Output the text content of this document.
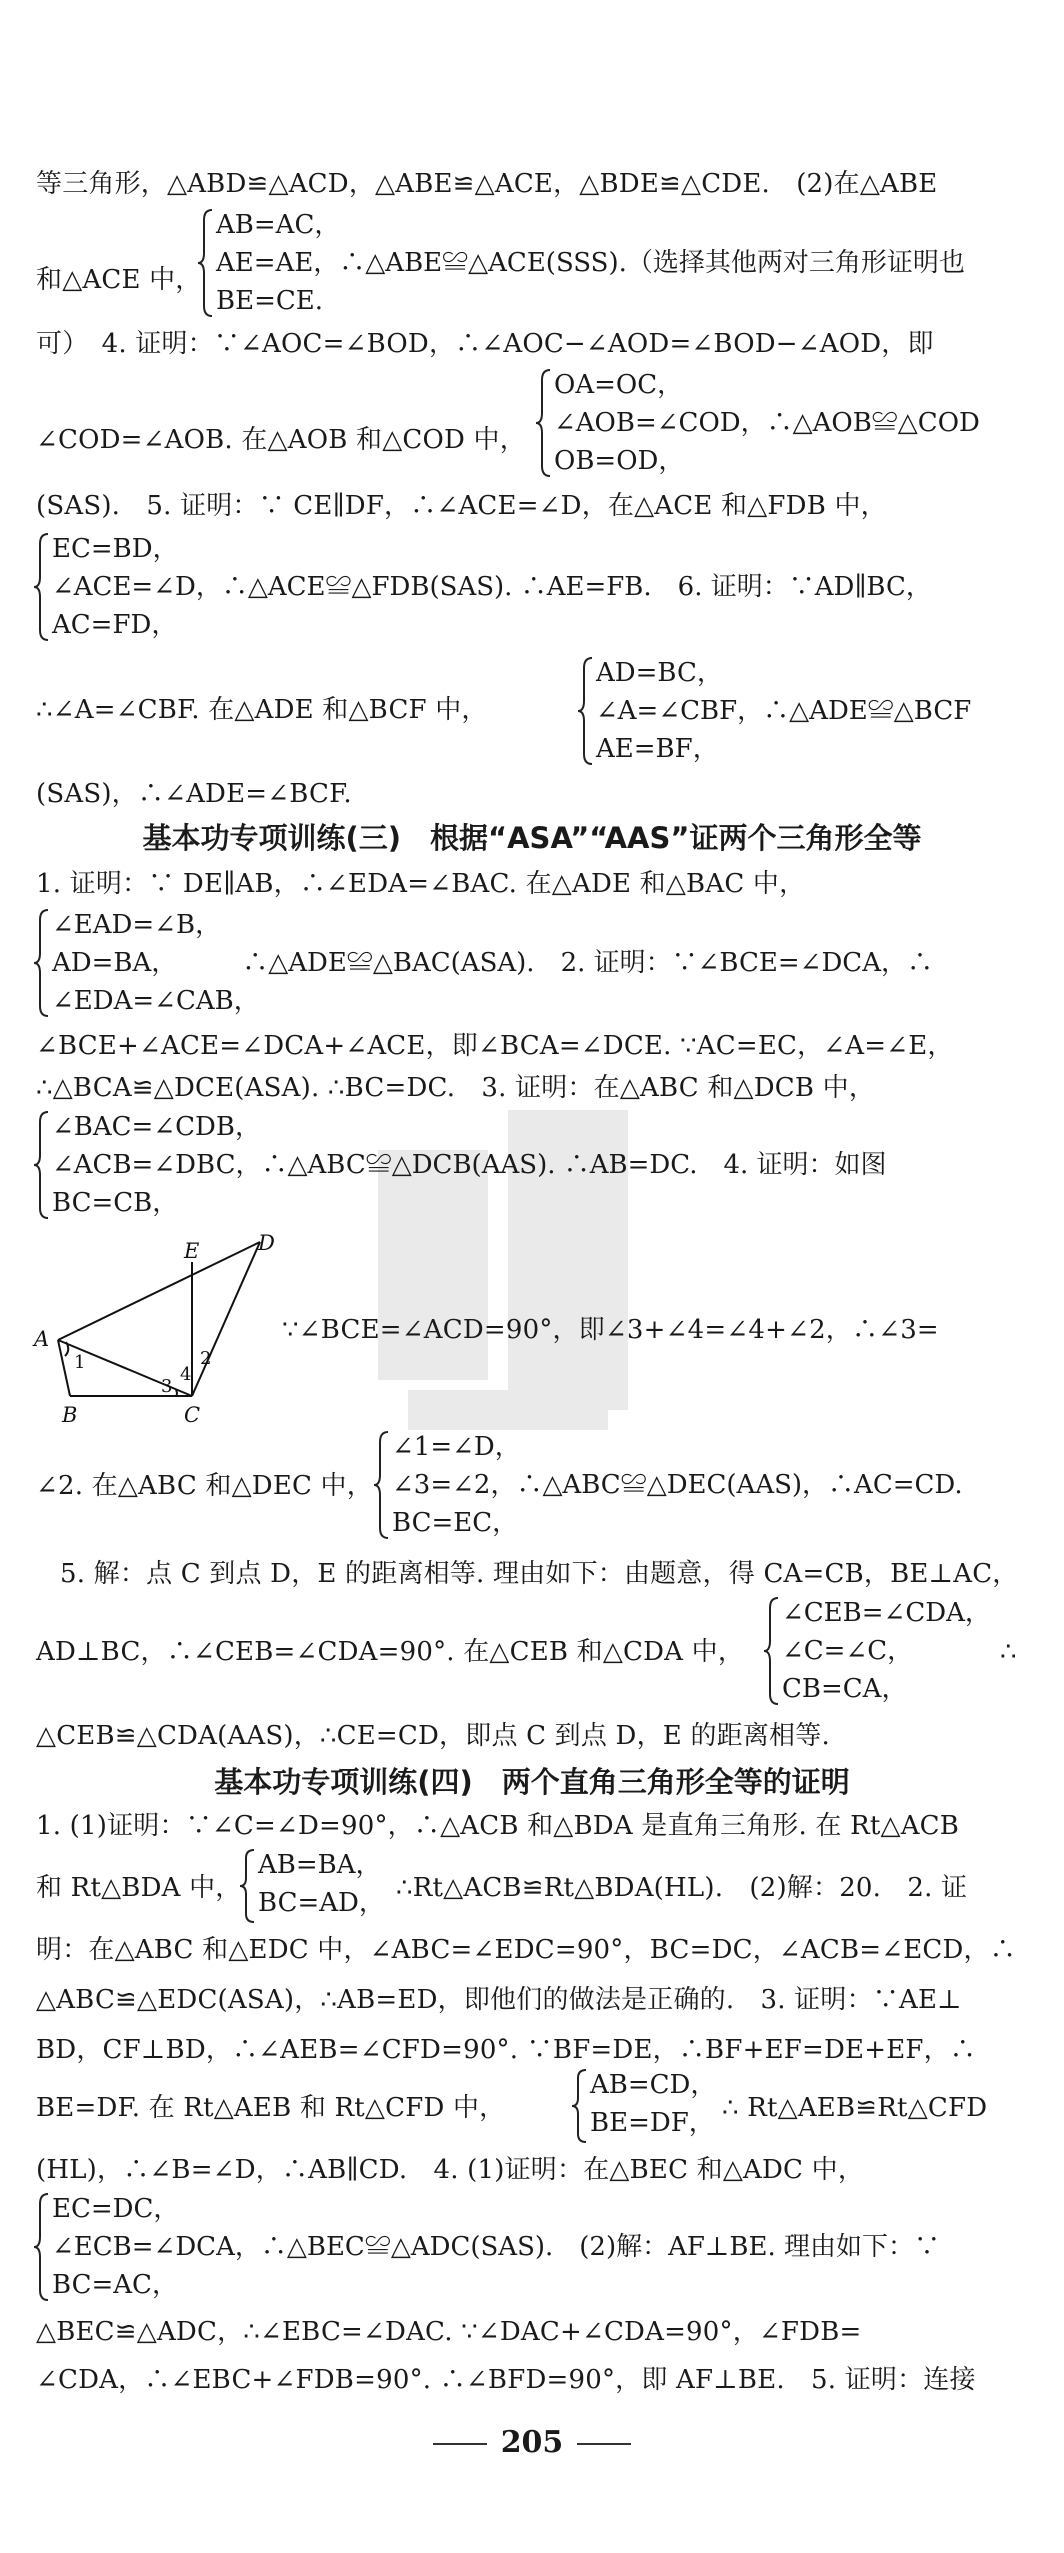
等三角形，△ABD≌△ACD，△ABE≌△ACE，△BDE≌△CDE.　(2)在△ABE
和△ACE 中，
AB=AC，
AE=AE，∴△ABE≌△ACE(SSS).（选择其他两对三角形证明也
BE=CE.
可）　4. 证明：∵∠AOC=∠BOD，∴∠AOC−∠AOD=∠BOD−∠AOD，即
∠COD=∠AOB. 在△AOB 和△COD 中，
OA=OC，
∠AOB=∠COD，∴△AOB≌△COD
OB=OD，
(SAS).　5. 证明：∵ CE∥DF，∴∠ACE=∠D，在△ACE 和△FDB 中，
EC=BD，
∠ACE=∠D，∴△ACE≌△FDB(SAS). ∴AE=FB.　6. 证明：∵AD∥BC，
AC=FD，
∴∠A=∠CBF. 在△ADE 和△BCF 中，
AD=BC，
∠A=∠CBF，∴△ADE≌△BCF
AE=BF，
(SAS)，∴∠ADE=∠BCF.
基本功专项训练(三)　根据“ASA”“AAS”证两个三角形全等
1. 证明：∵ DE∥AB，∴∠EDA=∠BAC. 在△ADE 和△BAC 中，
∠EAD=∠B，
AD=BA，　　　∴△ADE≌△BAC(ASA).　2. 证明：∵∠BCE=∠DCA，∴
∠EDA=∠CAB，
∠BCE+∠ACE=∠DCA+∠ACE，即∠BCA=∠DCE. ∵AC=EC，∠A=∠E，
∴△BCA≌△DCE(ASA). ∴BC=DC.　3. 证明：在△ABC 和△DCB 中，
∠BAC=∠CDB，
∠ACB=∠DBC，∴△ABC≌△DCB(AAS). ∴AB=DC.　4. 证明：如图
BC=CB，
A
B	C
D
E
1	2
3
4
∵∠BCE=∠ACD=90°，即∠3+∠4=∠4+∠2，∴∠3=
∠2. 在△ABC 和△DEC 中，
∠1=∠D，
∠3=∠2，∴△ABC≌△DEC(AAS)，∴AC=CD.
BC=EC，
5. 解：点 C 到点 D，E 的距离相等. 理由如下：由题意，得 CA=CB，BE⊥AC，
AD⊥BC，∴∠CEB=∠CDA=90°. 在△CEB 和△CDA 中，
∠CEB=∠CDA，
∠C=∠C，
CB=CA，
∴
△CEB≌△CDA(AAS)，∴CE=CD，即点 C 到点 D，E 的距离相等.
基本功专项训练(四)　两个直角三角形全等的证明
1. (1)证明：∵∠C=∠D=90°，∴△ACB 和△BDA 是直角三角形. 在 Rt△ACB
和 Rt△BDA 中，
AB=BA，
BC=AD， ∴Rt△ACB≌Rt△BDA(HL).　(2)解：20.　2. 证
明：在△ABC 和△EDC 中，∠ABC=∠EDC=90°，BC=DC，∠ACB=∠ECD，∴
△ABC≌△EDC(ASA)，∴AB=ED，即他们的做法是正确的.　3. 证明：∵AE⊥
BD，CF⊥BD，∴∠AEB=∠CFD=90°. ∵BF=DE，∴BF+EF=DE+EF，∴
BE=DF. 在 Rt△AEB 和 Rt△CFD 中，
AB=CD，
BE=DF， ∴ Rt△AEB≌Rt△CFD
(HL)，∴∠B=∠D，∴AB∥CD.　4. (1)证明：在△BEC 和△ADC 中，
EC=DC，
∠ECB=∠DCA，∴△BEC≌△ADC(SAS).　(2)解：AF⊥BE. 理由如下：∵
BC=AC，
△BEC≌△ADC，∴∠EBC=∠DAC. ∵∠DAC+∠CDA=90°，∠FDB=
∠CDA，∴∠EBC+∠FDB=90°. ∴∠BFD=90°，即 AF⊥BE.　5. 证明：连接
205
